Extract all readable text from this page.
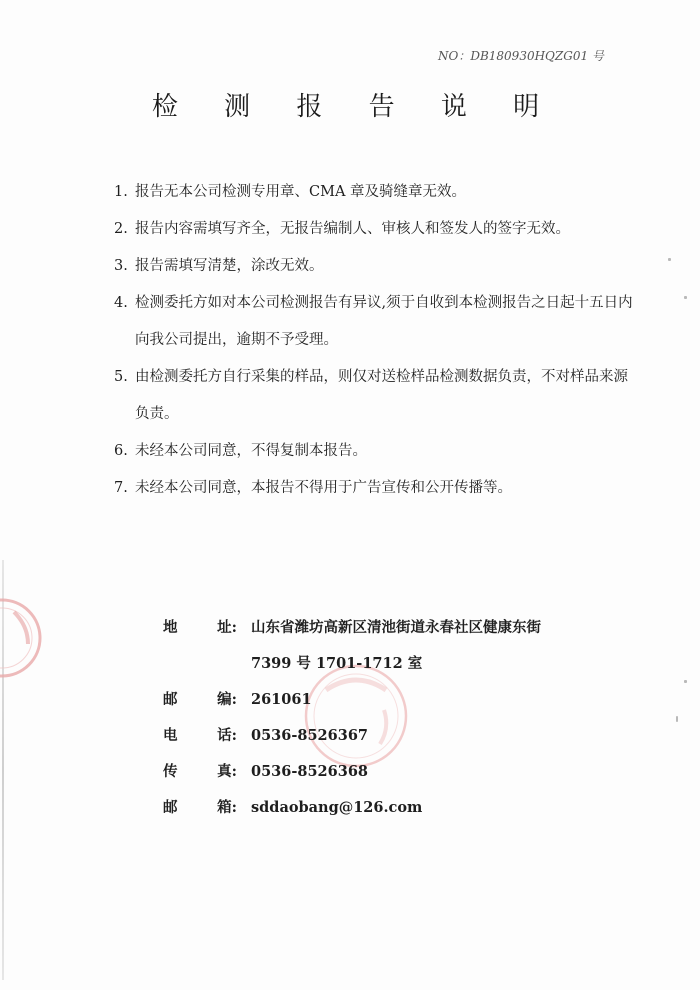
NO：DB180930HQZG01 号
检 测 报 告 说 明
1. 报告无本公司检测专用章、CMA 章及骑缝章无效。
2. 报告内容需填写齐全，无报告编制人、审核人和签发人的签字无效。
3. 报告需填写清楚，涂改无效。
4. 检测委托方如对本公司检测报告有异议,须于自收到本检测报告之日起十五日内向我公司提出，逾期不予受理。
5. 由检测委托方自行采集的样品，则仅对送检样品检测数据负责，不对样品来源负责。
6. 未经本公司同意，不得复制本报告。
7. 未经本公司同意，本报告不得用于广告宣传和公开传播等。
地	址: 山东省潍坊高新区清池街道永春社区健康东街
7399 号 1701-1712 室
邮	编: 261061
电	话: 0536-8526367
传	真: 0536-8526368
邮	箱: sddaobang@126.com
